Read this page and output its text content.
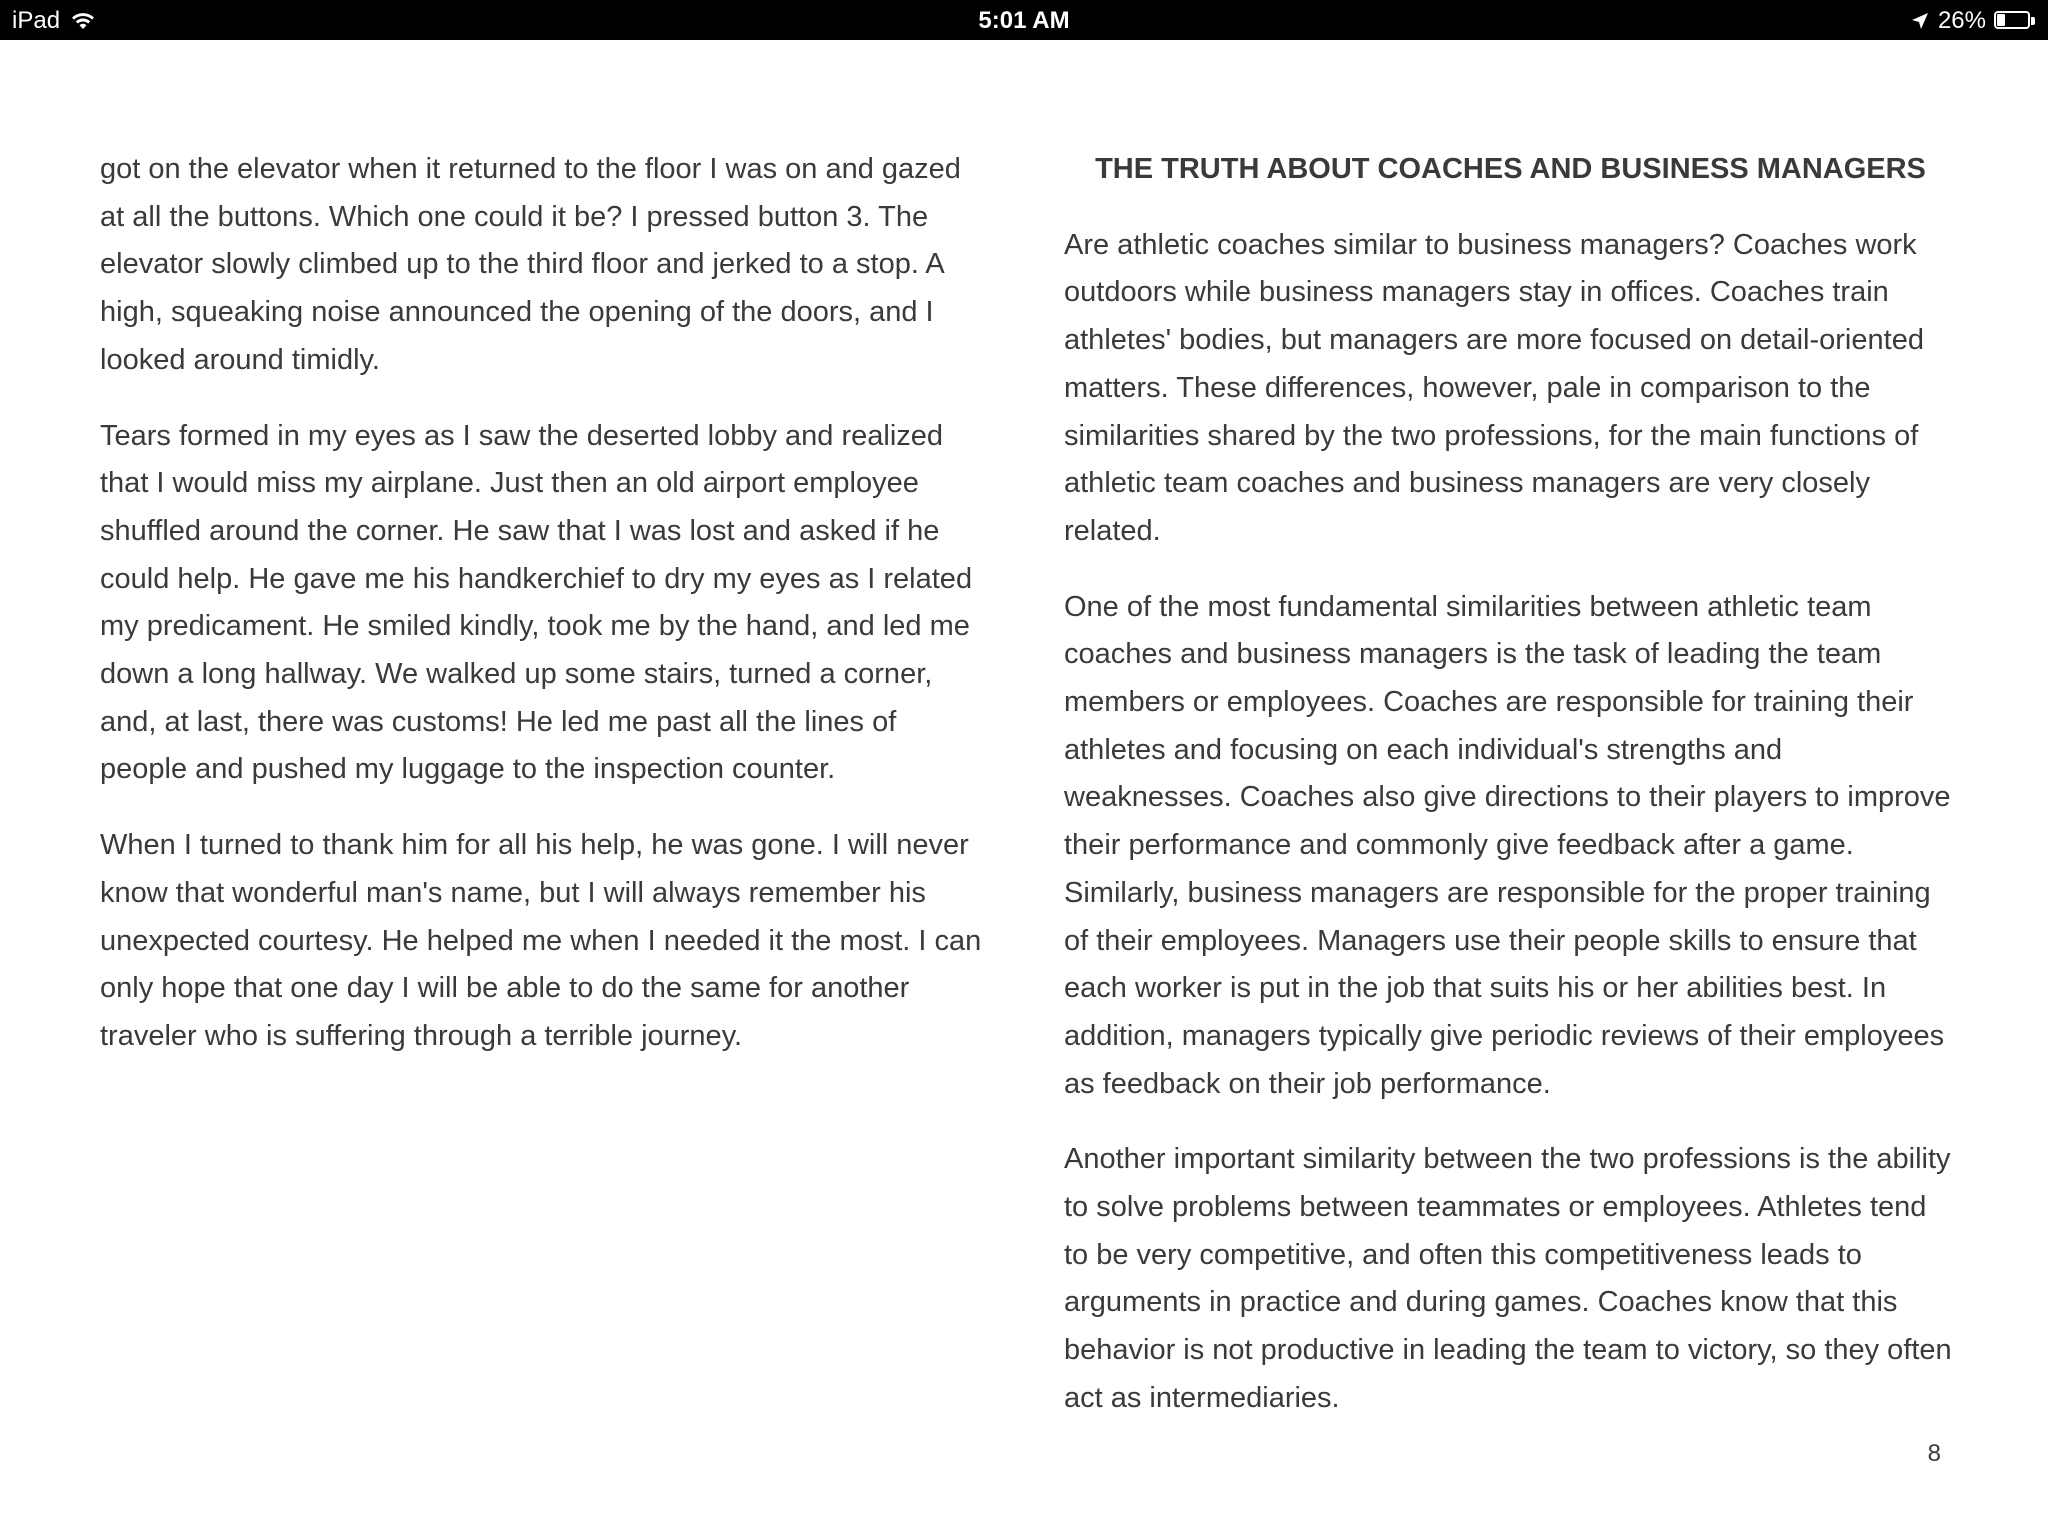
iPad	5:01 AM	26%

got on the elevator when it returned to the floor I was on and gazed at all the buttons. Which one could it be? I pressed button 3. The elevator slowly climbed up to the third floor and jerked to a stop. A high, squeaking noise announced the opening of the doors, and I looked around timidly.

Tears formed in my eyes as I saw the deserted lobby and realized that I would miss my airplane. Just then an old airport employee shuffled around the corner. He saw that I was lost and asked if he could help. He gave me his handkerchief to dry my eyes as I related my predicament. He smiled kindly, took me by the hand, and led me down a long hallway. We walked up some stairs, turned a corner, and, at last, there was customs! He led me past all the lines of people and pushed my luggage to the inspection counter.

When I turned to thank him for all his help, he was gone. I will never know that wonderful man's name, but I will always remember his unexpected courtesy. He helped me when I needed it the most. I can only hope that one day I will be able to do the same for another traveler who is suffering through a terrible journey.

THE TRUTH ABOUT COACHES AND BUSINESS MANAGERS

Are athletic coaches similar to business managers? Coaches work outdoors while business managers stay in offices. Coaches train athletes' bodies, but managers are more focused on detail-oriented matters. These differences, however, pale in comparison to the similarities shared by the two professions, for the main functions of athletic team coaches and business managers are very closely related.

One of the most fundamental similarities between athletic team coaches and business managers is the task of leading the team members or employees. Coaches are responsible for training their athletes and focusing on each individual's strengths and weaknesses. Coaches also give directions to their players to improve their performance and commonly give feedback after a game. Similarly, business managers are responsible for the proper training of their employees. Managers use their people skills to ensure that each worker is put in the job that suits his or her abilities best. In addition, managers typically give periodic reviews of their employees as feedback on their job performance.

Another important similarity between the two professions is the ability to solve problems between teammates or employees. Athletes tend to be very competitive, and often this competitiveness leads to arguments in practice and during games. Coaches know that this behavior is not productive in leading the team to victory, so they often act as intermediaries.

8
